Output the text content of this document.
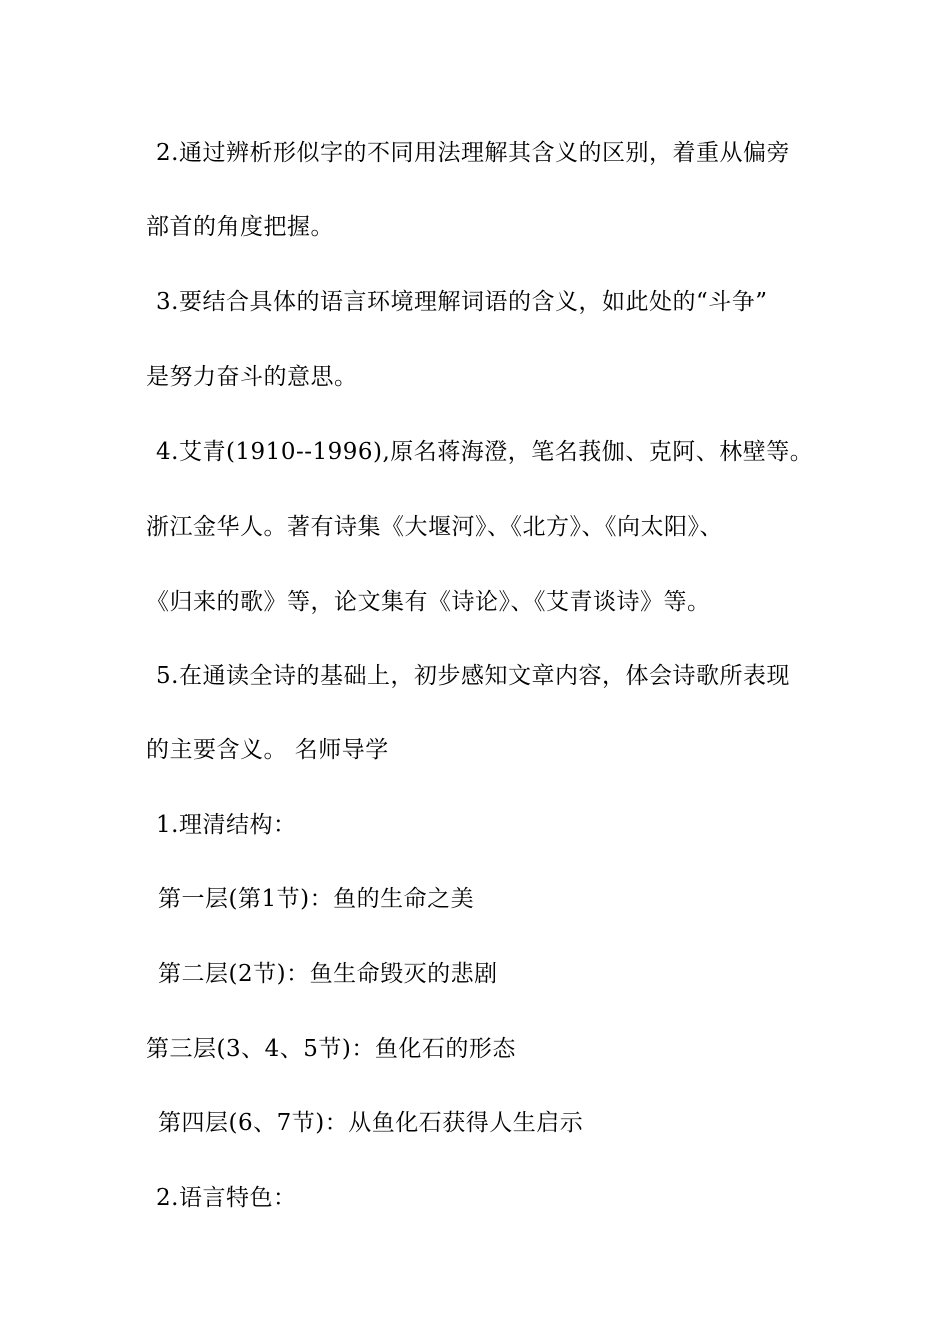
2.通过辨析形似字的不同用法理解其含义的区别，着重从偏旁
部首的角度把握。
3.要结合具体的语言环境理解词语的含义，如此处的“斗争”
是努力奋斗的意思。
4.艾青(1910--1996),原名蒋海澄，笔名莪伽、克阿、林壁等。
浙江金华人。著有诗集《大堰河》、《北方》、《向太阳》、
《归来的歌》等，论文集有《诗论》、《艾青谈诗》等。
5.在通读全诗的基础上，初步感知文章内容，体会诗歌所表现
的主要含义。 名师导学
1.理清结构：
第一层(第1节)：鱼的生命之美
第二层(2节)：鱼生命毁灭的悲剧
第三层(3、4、5节)：鱼化石的形态
第四层(6、7节)：从鱼化石获得人生启示
2.语言特色：
